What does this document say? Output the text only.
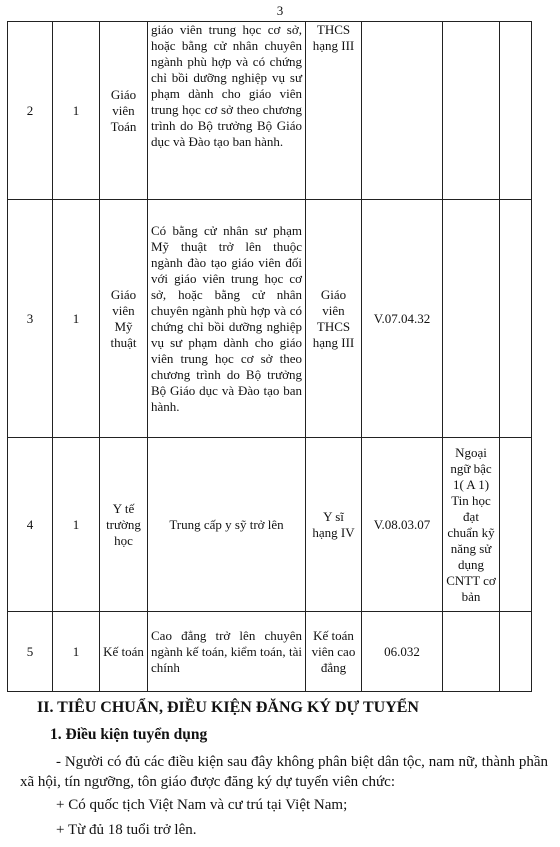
3
2	1	Giáo viên Toán	giáo viên trung học cơ sở, hoặc bằng cử nhân chuyên ngành phù hợp và có chứng chỉ bồi dưỡng nghiệp vụ sư phạm dành cho giáo viên trung học cơ sở theo chương trình do Bộ trưởng Bộ Giáo dục và Đào tạo ban hành.	THCS hạng III			
3	1	Giáo viên Mỹ thuật	Có bằng cử nhân sư phạm Mỹ thuật trở lên thuộc ngành đào tạo giáo viên đối với giáo viên trung học cơ sở, hoặc bằng cử nhân chuyên ngành phù hợp và có chứng chỉ bồi dưỡng nghiệp vụ sư phạm dành cho giáo viên trung học cơ sở theo chương trình do Bộ trưởng Bộ Giáo dục và Đào tạo ban hành.	Giáo viên THCS hạng III	V.07.04.32		
4	1	Y tế trường học	Trung cấp y sỹ trở lên	Y sĩ hạng IV	V.08.03.07	Ngoại ngữ bậc 1( A 1) Tin học đạt chuẩn kỹ năng sử dụng CNTT cơ bản	
5	1	Kế toán	Cao đẳng trở lên chuyên ngành kế toán, kiểm toán, tài chính	Kế toán viên cao đẳng	06.032		
II. TIÊU CHUẨN, ĐIỀU KIỆN ĐĂNG KÝ DỰ TUYỂN
1. Điều kiện tuyển dụng
- Người có đủ các điều kiện sau đây không phân biệt dân tộc, nam nữ, thành phần xã hội, tín ngưỡng, tôn giáo được đăng ký dự tuyển viên chức:
+ Có quốc tịch Việt Nam và cư trú tại Việt Nam;
+ Từ đủ 18 tuổi trở lên.
